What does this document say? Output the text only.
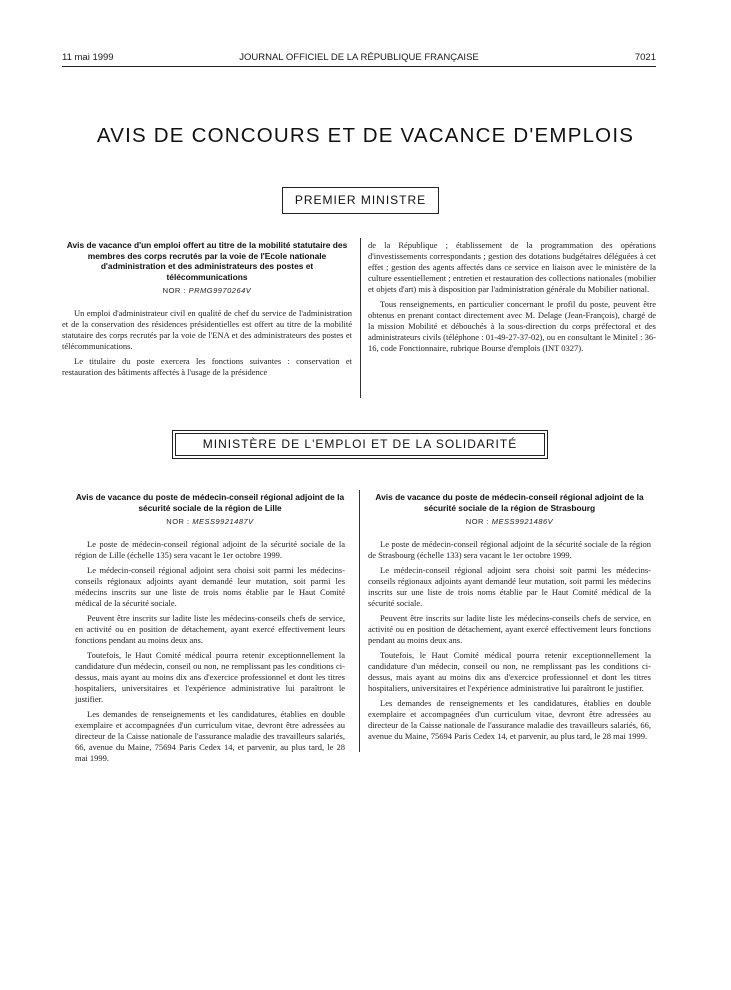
11 mai 1999	JOURNAL OFFICIEL DE LA RÉPUBLIQUE FRANÇAISE	7021
AVIS DE CONCOURS ET DE VACANCE D'EMPLOIS
PREMIER MINISTRE
Avis de vacance d'un emploi offert au titre de la mobilité statutaire des membres des corps recrutés par la voie de l'Ecole nationale d'administration et des administrateurs des postes et télécommunications
NOR : PRMG9970264V

Un emploi d'administrateur civil en qualité de chef du service de l'administration et de la conservation des résidences présidentielles est offert au titre de la mobilité statutaire des corps recrutés par la voie de l'ENA et des administrateurs des postes et télécommunications.

Le titulaire du poste exercera les fonctions suivantes : conservation et restauration des bâtiments affectés à l'usage de la présidence

de la République ; établissement de la programmation des opérations d'investissements correspondants ; gestion des dotations budgétaires déléguées à cet effet ; gestion des agents affectés dans ce service en liaison avec le ministère de la culture essentiellement ; entretien et restauration des collections nationales (mobilier et objets d'art) mis à disposition par l'administration générale du Mobilier national.

Tous renseignements, en particulier concernant le profil du poste, peuvent être obtenus en prenant contact directement avec M. Delage (Jean-François), chargé de la mission Mobilité et débouchés à la sous-direction du corps préfectoral et des administrateurs civils (téléphone : 01-49-27-37-02), ou en consultant le Minitel : 36-16, code Fonctionnaire, rubrique Bourse d'emplois (INT 0327).

MINISTÈRE DE L'EMPLOI ET DE LA SOLIDARITÉ
Avis de vacance du poste de médecin-conseil régional adjoint de la sécurité sociale de la région de Lille
NOR : MESS9921487V

Le poste de médecin-conseil régional adjoint de la sécurité sociale de la région de Lille (échelle 135) sera vacant le 1er octobre 1999.

Le médecin-conseil régional adjoint sera choisi soit parmi les médecins-conseils régionaux adjoints ayant demandé leur mutation, soit parmi les médecins inscrits sur une liste de trois noms établie par le Haut Comité médical de la sécurité sociale.

Peuvent être inscrits sur ladite liste les médecins-conseils chefs de service, en activité ou en position de détachement, ayant exercé effectivement leurs fonctions pendant au moins deux ans.

Toutefois, le Haut Comité médical pourra retenir exceptionnellement la candidature d'un médecin, conseil ou non, ne remplissant pas les conditions ci-dessus, mais ayant au moins dix ans d'exercice professionnel et dont les titres hospitaliers, universitaires et l'expérience administrative lui paraîtront le justifier.

Les demandes de renseignements et les candidatures, établies en double exemplaire et accompagnées d'un curriculum vitae, devront être adressées au directeur de la Caisse nationale de l'assurance maladie des travailleurs salariés, 66, avenue du Maine, 75694 Paris Cedex 14, et parvenir, au plus tard, le 28 mai 1999.

Avis de vacance du poste de médecin-conseil régional adjoint de la sécurité sociale de la région de Strasbourg
NOR : MESS9921486V

Le poste de médecin-conseil régional adjoint de la sécurité sociale de la région de Strasbourg (échelle 133) sera vacant le 1er octobre 1999.

Le médecin-conseil régional adjoint sera choisi soit parmi les médecins-conseils régionaux adjoints ayant demandé leur mutation, soit parmi les médecins inscrits sur une liste de trois noms établie par le Haut Comité médical de la sécurité sociale.

Peuvent être inscrits sur ladite liste les médecins-conseils chefs de service, en activité ou en position de détachement, ayant exercé effectivement leurs fonctions pendant au moins deux ans.

Toutefois, le Haut Comité médical pourra retenir exceptionnellement la candidature d'un médecin, conseil ou non, ne remplissant pas les conditions ci-dessus, mais ayant au moins dix ans d'exercice professionnel et dont les titres hospitaliers, universitaires et l'expérience administrative lui paraîtront le justifier.

Les demandes de renseignements et les candidatures, établies en double exemplaire et accompagnées d'un curriculum vitae, devront être adressées au directeur de la Caisse nationale de l'assurance maladie des travailleurs salariés, 66, avenue du Maine, 75694 Paris Cedex 14, et parvenir, au plus tard, le 28 mai 1999.
